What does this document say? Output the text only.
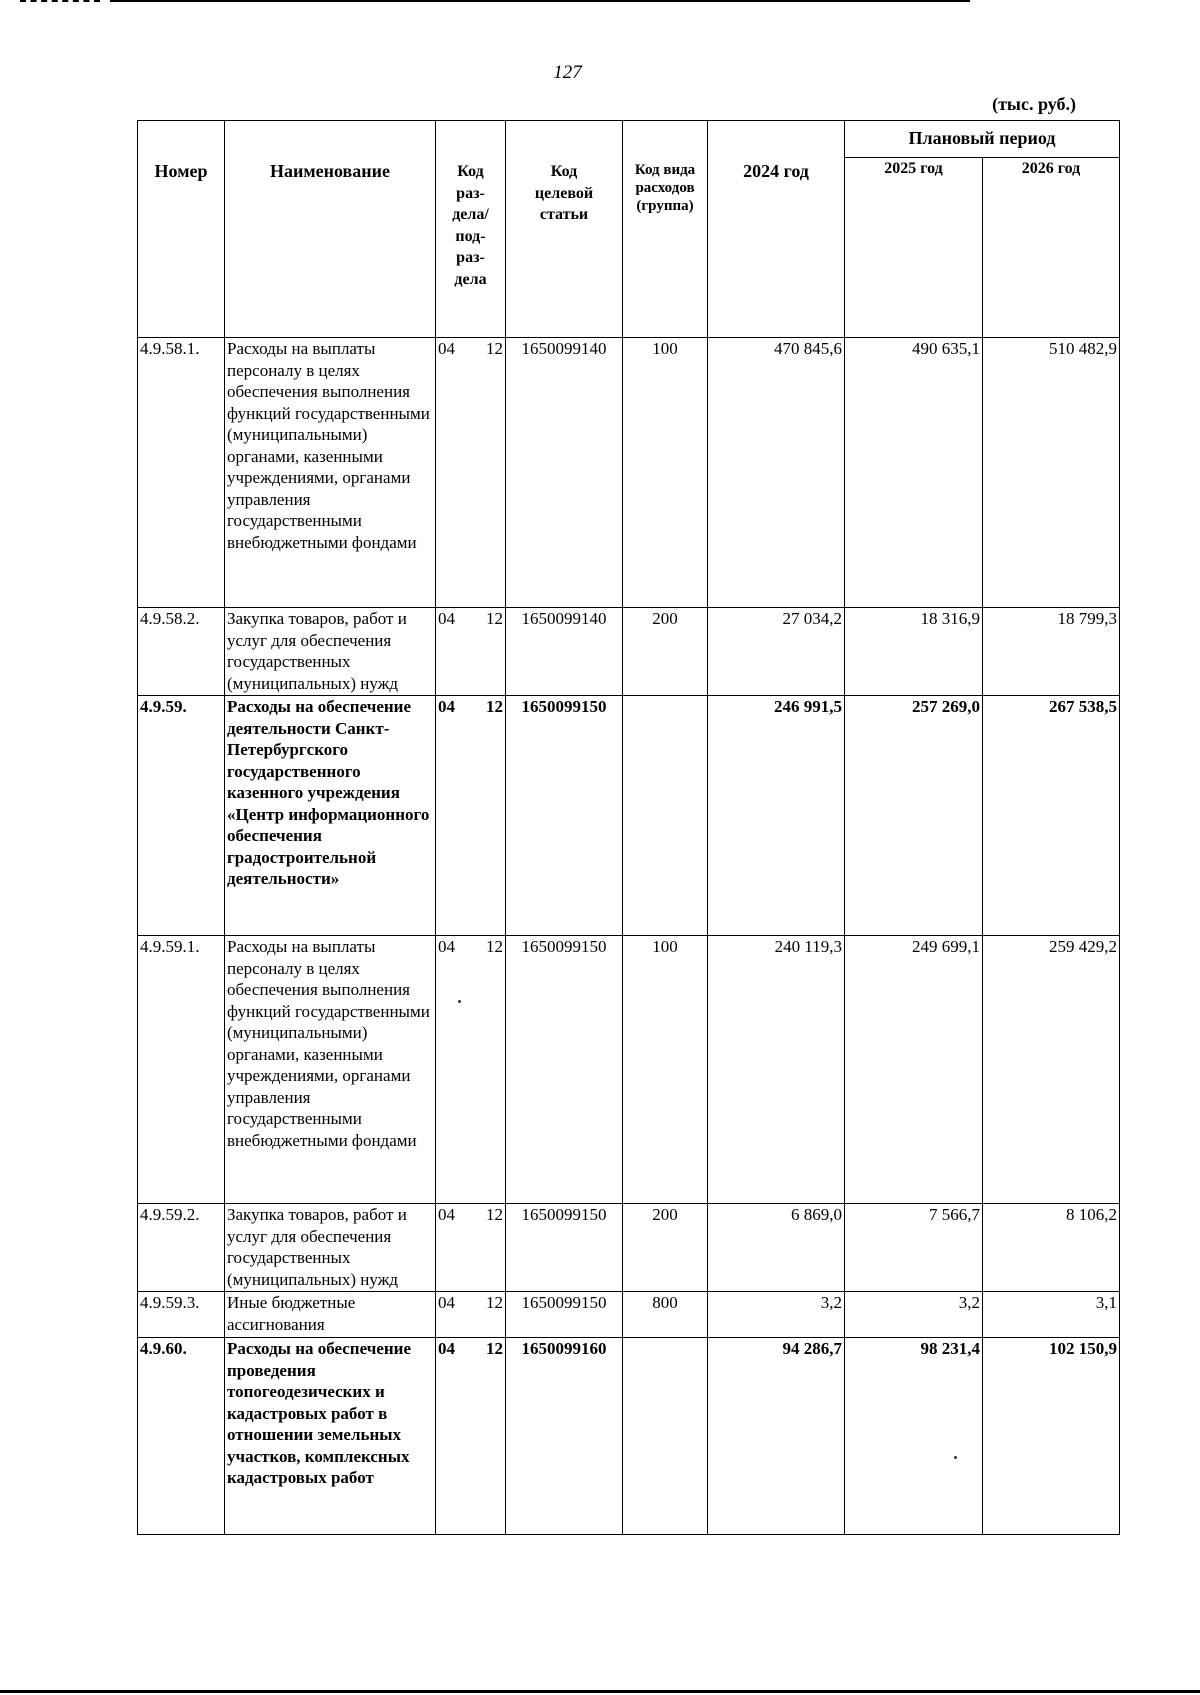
127
(тыс. руб.)
Номер	Наименование	Код раз- дела/ под- раз- дела	Код целевой статьи	Код вида расходов (группа)	2024 год	Плановый период	
						2025 год	2026 год
4.9.58.1.	Расходы на выплаты персоналу в целях обеспечения выполнения функций государственными (муниципальными) органами, казенными учреждениями, органами управления государственными внебюджетными фондами	04 12	1650099140	100	470 845,6	490 635,1	510 482,9
4.9.58.2.	Закупка товаров, работ и услуг для обеспечения государственных (муниципальных) нужд	04 12	1650099140	200	27 034,2	18 316,9	18 799,3
4.9.59.	Расходы на обеспечение деятельности Санкт-Петербургского государственного казенного учреждения «Центр информационного обеспечения градостроительной деятельности»	04 12	1650099150		246 991,5	257 269,0	267 538,5
4.9.59.1.	Расходы на выплаты персоналу в целях обеспечения выполнения функций государственными (муниципальными) органами, казенными учреждениями, органами управления государственными внебюджетными фондами	04 12	1650099150	100	240 119,3	249 699,1	259 429,2
4.9.59.2.	Закупка товаров, работ и услуг для обеспечения государственных (муниципальных) нужд	04 12	1650099150	200	6 869,0	7 566,7	8 106,2
4.9.59.3.	Иные бюджетные ассигнования	04 12	1650099150	800	3,2	3,2	3,1
4.9.60.	Расходы на обеспечение проведения топогеодезических и кадастровых работ в отношении земельных участков, комплексных кадастровых работ	04 12	1650099160		94 286,7	98 231,4	102 150,9
